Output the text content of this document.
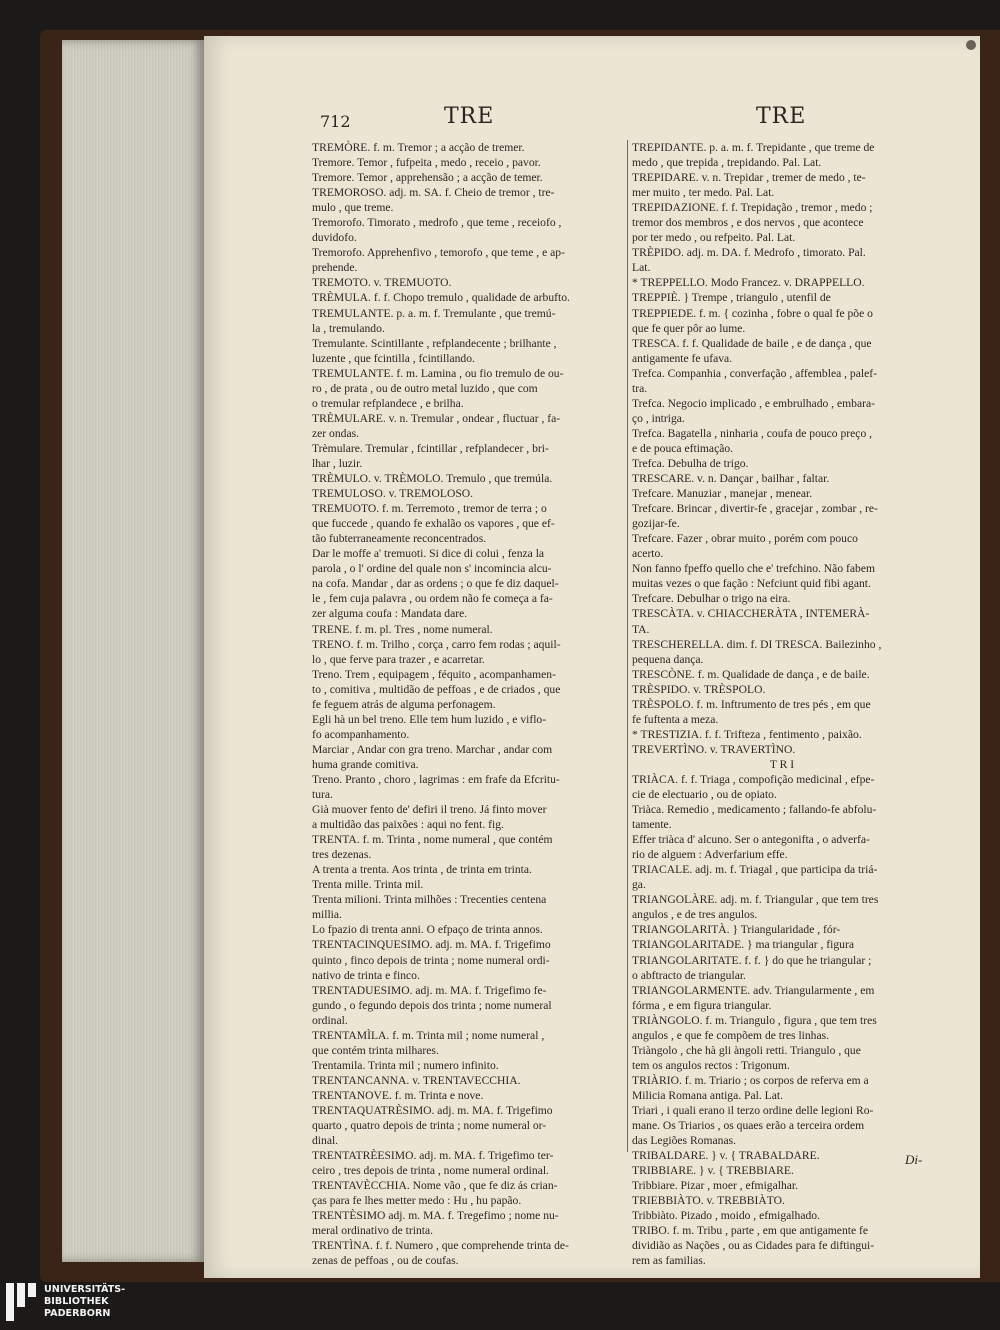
712	TRE	TRE

TREMÒRE. f. m. Tremor ; a acção de tremer.

Tremore. Temor , fufpeita , medo , receio , pavor.

Tremore. Temor , apprehensão ; a acção de temer.

TREMOROSO. adj. m. SA. f. Cheio de tremor , tre-

mulo , que treme.

Tremorofo. Timorato , medrofo , que teme , receiofo ,

duvidofo.

Tremorofo. Apprehenfivo , temorofo , que teme , e ap-

prehende.

TREMOTO. v. TREMUOTO.

TRÈMULA. f. f. Chopo tremulo , qualidade de arbufto.

TREMULANTE. p. a. m. f. Tremulante , que tremú-

la , tremulando.

Tremulante. Scintillante , refplandecente ; brilhante ,

luzente , que fcintilla , fcintillando.

TREMULANTE. f. m. Lamina , ou fio tremulo de ou-

ro , de prata , ou de outro metal luzido , que com

o tremular refplandece , e brilha.

TRÈMULARE. v. n. Tremular , ondear , fluctuar , fa-

zer ondas.

Trèmulare. Tremular , fcintillar , refplandecer , bri-

lhar , luzir.

TRÈMULO. v. TRÈMOLO. Tremulo , que tremúla.

TREMULOSO. v. TREMOLOSO.

TREMUOTO. f. m. Terremoto , tremor de terra ; o

que fuccede , quando fe exhalão os vapores , que ef-

tão fubterraneamente reconcentrados.

Dar le moffe a' tremuoti. Si dice di colui , fenza la

parola , o l' ordine del quale non s' incomincia alcu-

na cofa. Mandar , dar as ordens ; o que fe diz daquel-

le , fem cuja palavra , ou ordem não fe começa a fa-

zer alguma coufa : Mandata dare.

TRENE. f. m. pl. Tres , nome numeral.

TRENO. f. m. Trilho , corça , carro fem rodas ; aquil-

lo , que ferve para trazer , e acarretar.

Treno. Trem , equipagem , féquito , acompanhamen-

to , comitiva , multidão de peffoas , e de criados , que

fe feguem atrás de alguma perfonagem.

Egli hà un bel treno. Elle tem hum luzido , e viflo-

fo acompanhamento.

Marciar , Andar con gra treno. Marchar , andar com

huma grande comitiva.

Treno. Pranto , choro , lagrimas : em frafe da Efcritu-

tura.

Già muover fento de' defiri il treno. Já finto mover

a multidão das paixões : aqui no fent. fig.

TRENTA. f. m. Trinta , nome numeral , que contém

tres dezenas.

A trenta a trenta. Aos trinta , de trinta em trinta.

Trenta mille. Trinta mil.

Trenta milioni. Trinta milhões : Trecenties centena

millia.

Lo fpazio di trenta anni. O efpaço de trinta annos.

TRENTACINQUESIMO. adj. m. MA. f. Trigefimo

quinto , finco depois de trinta ; nome numeral ordi-

nativo de trinta e finco.

TRENTADUESIMO. adj. m. MA. f. Trigefimo fe-

gundo , o fegundo depois dos trinta ; nome numeral

ordinal.

TRENTAMÌLA. f. m. Trinta mil ; nome numeral ,

que contém trinta milhares.

Trentamila. Trinta mil ; numero infinito.

TRENTANCANNA. v. TRENTAVECCHIA.

TRENTANOVE. f. m. Trinta e nove.

TRENTAQUATRÈSIMO. adj. m. MA. f. Trigefimo

quarto , quatro depois de trinta ; nome numeral or-

dinal.

TRENTATRÈESIMO. adj. m. MA. f. Trigefimo ter-

ceiro , tres depois de trinta , nome numeral ordinal.

TRENTAVÈCCHIA. Nome vão , que fe diz ás crian-

ças para fe lhes metter medo : Hu , hu papão.

TRENTÈSIMO adj. m. MA. f. Tregefimo ; nome nu-

meral ordinativo de trinta.

TRENTÌNA. f. f. Numero , que comprehende trinta de-

zenas de peffoas , ou de coufas.

TREPIDANTE. p. a. m. f. Trepidante , que treme de

medo , que trepida , trepidando. Pal. Lat.

TREPIDARE. v. n. Trepidar , tremer de medo , te-

mer muito , ter medo. Pal. Lat.

TREPIDAZIONE. f. f. Trepidação , tremor , medo ;

tremor dos membros , e dos nervos , que acontece

por ter medo , ou refpeito. Pal. Lat.

TRÈPIDO. adj. m. DA. f. Medrofo , timorato. Pal.

Lat.

* TREPPELLO. Modo Francez. v. DRAPPELLO.

TREPPIÈ. } Trempe , triangulo , utenfil de

TREPPIEDE. f. m. { cozinha , fobre o qual fe põe o

que fe quer pôr ao lume.

TRESCA. f. f. Qualidade de baile , e de dança , que

antigamente fe ufava.

Trefca. Companhia , converfação , affemblea , palef-

tra.

Trefca. Negocio implicado , e embrulhado , embara-

ço , intriga.

Trefca. Bagatella , ninharia , coufa de pouco preço ,

e de pouca eftimação.

Trefca. Debulha de trigo.

TRESCARE. v. n. Dançar , bailhar , faltar.

Trefcare. Manuziar , manejar , menear.

Trefcare. Brincar , divertir-fe , gracejar , zombar , re-

gozijar-fe.

Trefcare. Fazer , obrar muito , porém com pouco

acerto.

Non fanno fpeffo quello che e' trefchino. Não fabem

muitas vezes o que fação : Nefciunt quid fibi agant.

Trefcare. Debulhar o trigo na eira.

TRESCÀTA. v. CHIACCHERÀTA , INTEMERÀ-

TA.

TRESCHERELLA. dim. f. DI TRESCA. Bailezinho ,

pequena dança.

TRESCÒNE. f. m. Qualidade de dança , e de baile.

TRÈSPIDO. v. TRÈSPOLO.

TRÈSPOLO. f. m. Inftrumento de tres pés , em que

fe fuftenta a meza.

* TRESTIZIA. f. f. Trifteza , fentimento , paixão.

TREVERTÌNO. v. TRAVERTÌNO.

T R I

TRIÀCA. f. f. Triaga , compofição medicinal , efpe-

cie de electuario , ou de opiato.

Triàca. Remedio , medicamento ; fallando-fe abfolu-

tamente.

Effer triàca d' alcuno. Ser o antegonifta , o adverfa-

rio de alguem : Adverfarium effe.

TRIACALE. adj. m. f. Triagal , que participa da triá-

ga.

TRIANGOLÀRE. adj. m. f. Triangular , que tem tres

angulos , e de tres angulos.

TRIANGOLARITÀ. } Triangularidade , fór-

TRIANGOLARITADE. } ma triangular , figura

TRIANGOLARITATE. f. f. } do que he triangular ;

o abftracto de triangular.

TRIANGOLARMENTE. adv. Triangularmente , em

fórma , e em figura triangular.

TRIÀNGOLO. f. m. Triangulo , figura , que tem tres

angulos , e que fe compõem de tres linhas.

Triàngolo , che hà gli àngoli retti. Triangulo , que

tem os angulos rectos : Trigonum.

TRIÀRIO. f. m. Triario ; os corpos de referva em a

Milicia Romana antiga. Pal. Lat.

Triari , i quali erano il terzo ordine delle legioni Ro-

mane. Os Triarios , os quaes erão a terceira ordem

das Legiões Romanas.

TRIBALDARE. } v. { TRABALDARE.

TRIBBIARE. } v. { TREBBIARE.

Tribbiare. Pizar , moer , efmigalhar.

TRIEBBIÀTO. v. TREBBIÀTO.

Tribbiàto. Pizado , moido , efmigalhado.

TRIBO. f. m. Tribu , parte , em que antigamente fe

dividião as Nações , ou as Cidades para fe diftingui-

rem as familias.

Di-
UNIVERSITÄTS-
BIBLIOTHEK
PADERBORN
